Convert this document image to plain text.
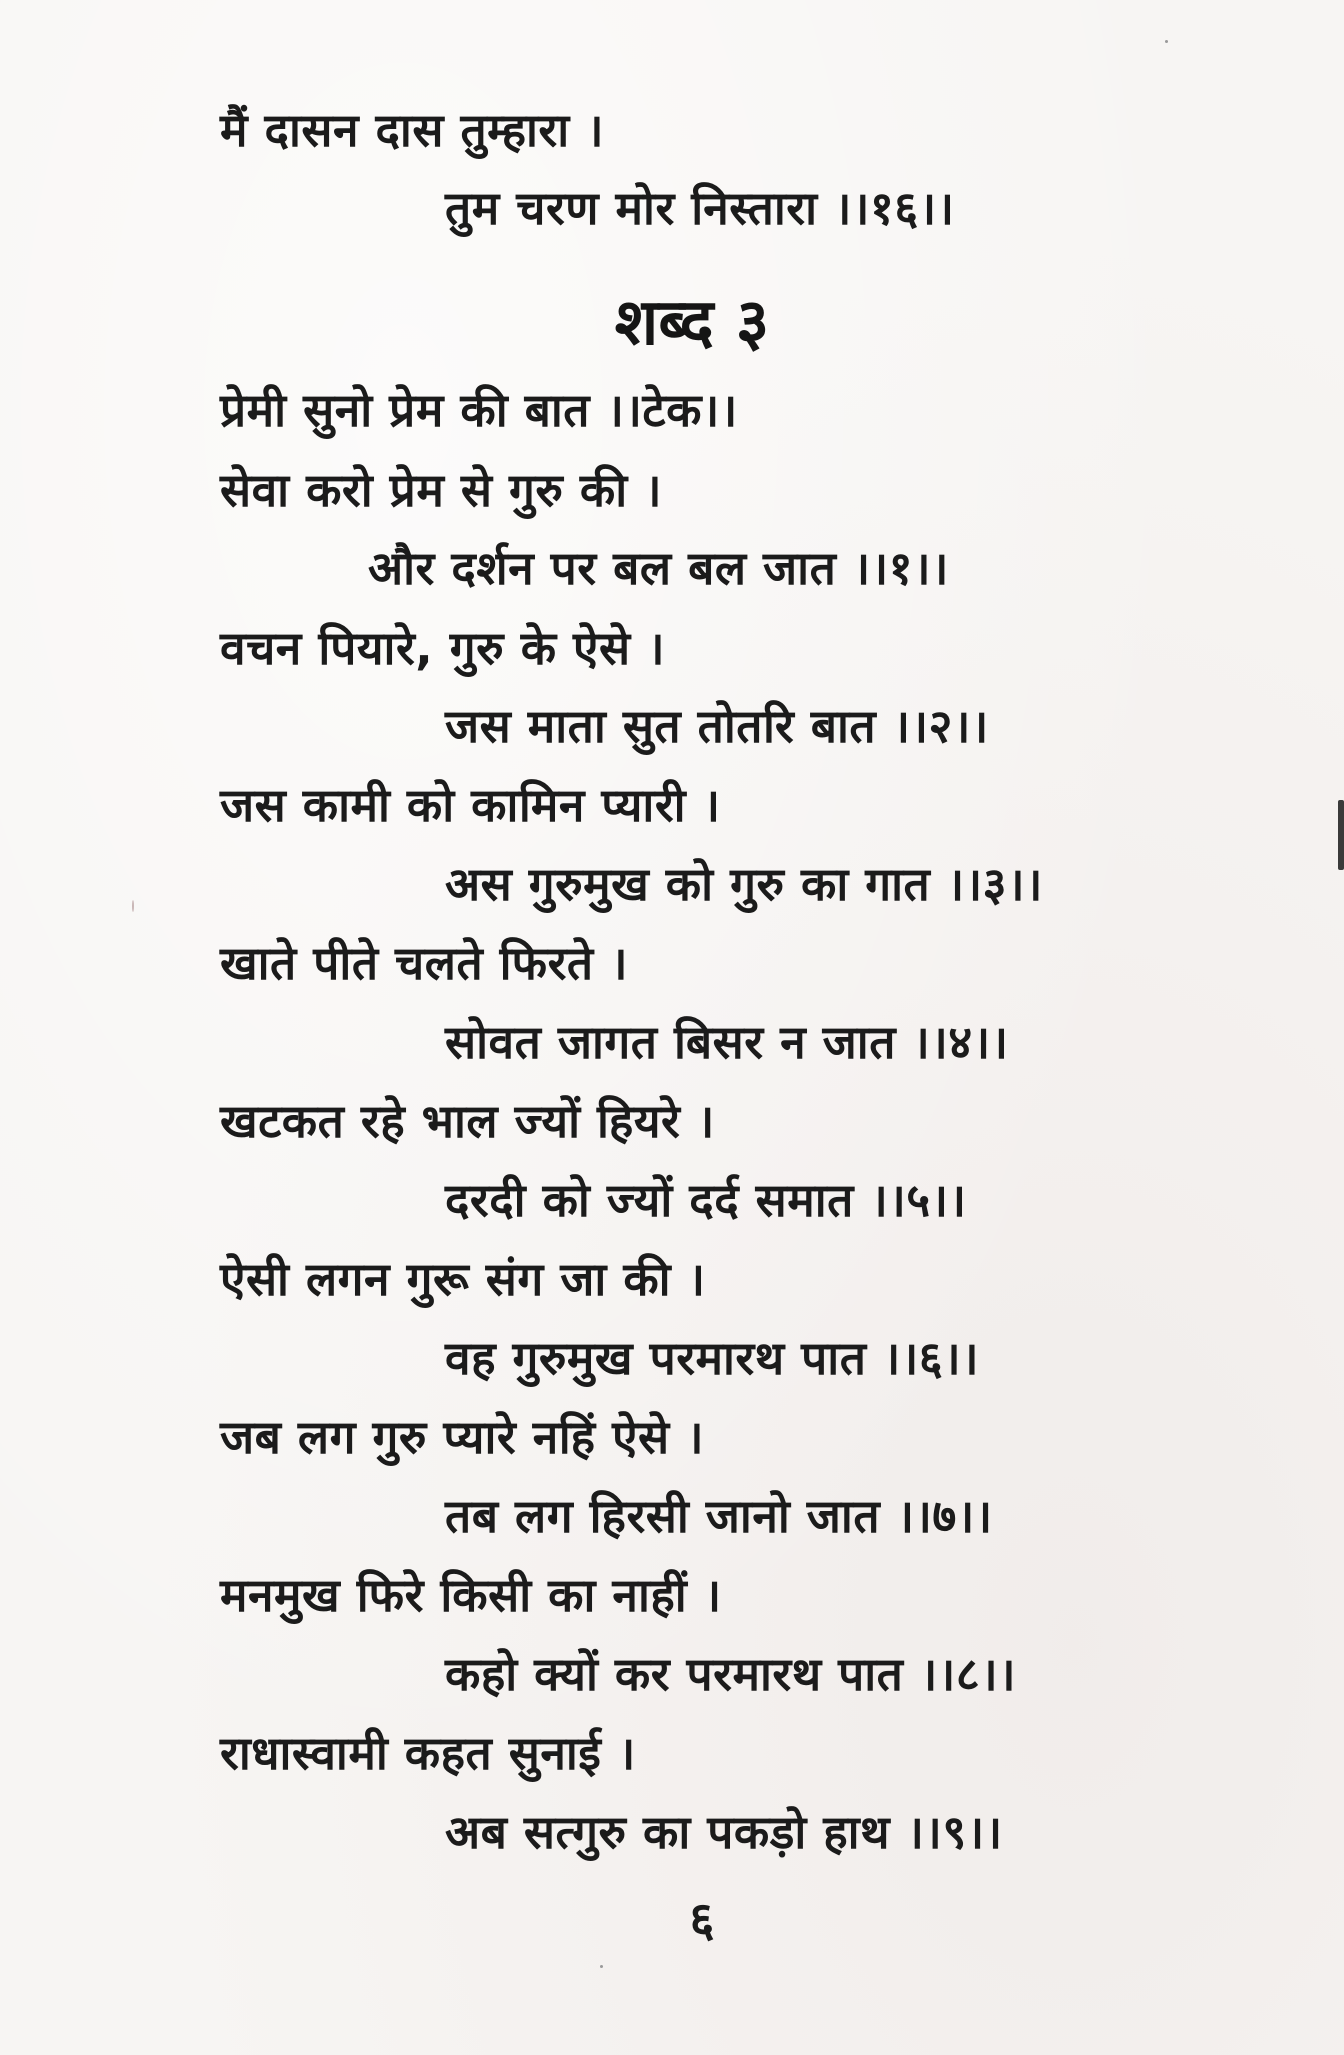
मैं दासन दास तुम्हारा ।
तुम चरण मोर निस्तारा ।।१६।।
शब्द ३
प्रेमी सुनो प्रेम की बात ।।टेक।।
सेवा करो प्रेम से गुरु की ।
और दर्शन पर बल बल जात ।।१।।
वचन पियारे, गुरु के ऐसे ।
जस माता सुत तोतरि बात ।।२।।
जस कामी को कामिन प्यारी ।
अस गुरुमुख को गुरु का गात ।।३।।
खाते पीते चलते फिरते ।
सोवत जागत बिसर न जात ।।४।।
खटकत रहे भाल ज्यों हियरे ।
दरदी को ज्यों दर्द समात ।।५।।
ऐसी लगन गुरू संग जा की ।
वह गुरुमुख परमारथ पात ।।६।।
जब लग गुरु प्यारे नहिं ऐसे ।
तब लग हिरसी जानो जात ।।७।।
मनमुख फिरे किसी का नाहीं ।
कहो क्यों कर परमारथ पात ।।८।।
राधास्वामी कहत सुनाई ।
अब सत्गुरु का पकड़ो हाथ ।।९।।
६
